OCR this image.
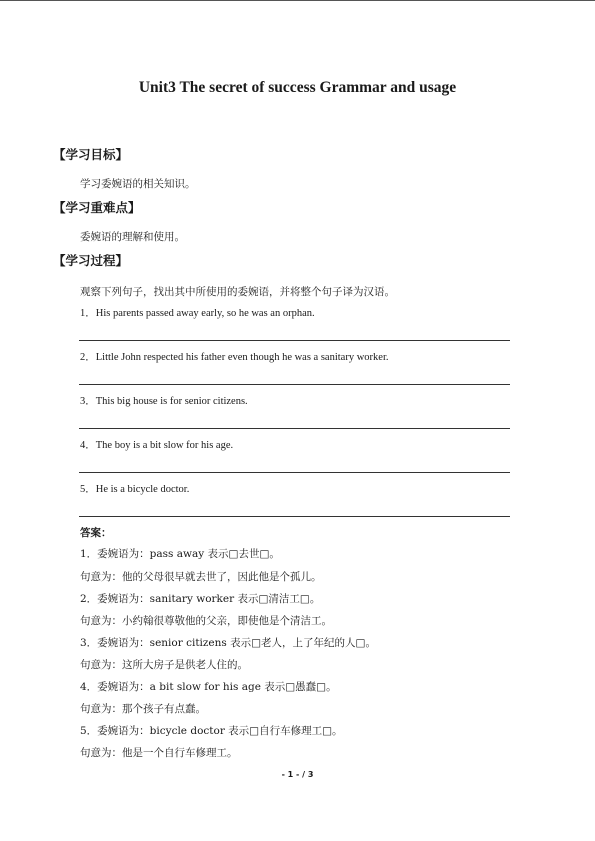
Unit3 The secret of success Grammar and usage
【学习目标】
学习委婉语的相关知识。
【学习重难点】
委婉语的理解和使用。
【学习过程】
观察下列句子，找出其中所使用的委婉语，并将整个句子译为汉语。
1．His parents passed away early, so he was an orphan.
2．Little John respected his father even though he was a sanitary worker.
3．This big house is for senior citizens.
4．The boy is a bit slow for his age.
5．He is a bicycle doctor.
答案：
1．委婉语为：pass away 表示□去世□。
句意为：他的父母很早就去世了，因此他是个孤儿。
2．委婉语为：sanitary worker 表示□清洁工□。
句意为：小约翰很尊敬他的父亲，即使他是个清洁工。
3．委婉语为：senior citizens 表示□老人，上了年纪的人□。
句意为：这所大房子是供老人住的。
4．委婉语为：a bit slow for his age 表示□愚蠢□。
句意为：那个孩子有点蠢。
5．委婉语为：bicycle doctor 表示□自行车修理工□。
句意为：他是一个自行车修理工。
- 1 - / 3
